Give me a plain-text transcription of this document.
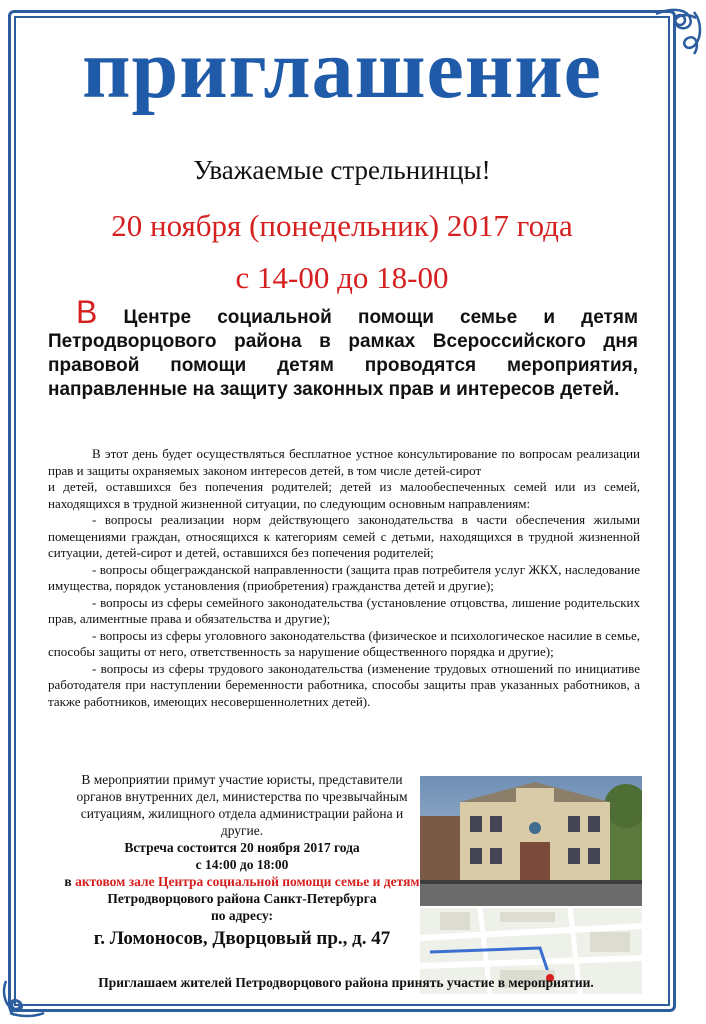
приглашение
Уважаемые стрельнинцы!
20 ноября (понедельник) 2017 года
с 14-00 до 18-00

В Центре социальной помощи семье и детям Петродворцового района в рамках Всероссийского дня правовой помощи детям проводятся мероприятия, направленные на защиту законных прав и интересов детей.

В этот день будет осуществляться бесплатное устное консультирование по вопросам реализации прав и защиты охраняемых законом интересов детей, в том числе детей-сирот

и детей, оставшихся без попечения родителей; детей из малообеспеченных семей или из семей, находящихся в трудной жизненной ситуации, по следующим основным направлениям:

- вопросы реализации норм действующего законодательства в части обеспечения жилыми помещениями граждан, относящихся к категориям семей с детьми, находящихся в трудной жизненной ситуации, детей-сирот и детей, оставшихся без попечения родителей;

- вопросы общегражданской направленности (защита прав потребителя услуг ЖКХ, наследование имущества, порядок установления (приобретения) гражданства детей и другие);

- вопросы из сферы семейного законодательства (установление отцовства, лишение родительских прав, алиментные права и обязательства и другие);

- вопросы из сферы уголовного законодательства (физическое и психологическое насилие в семье, способы защиты от него, ответственность за нарушение общественного порядка и другие);

- вопросы из сферы трудового законодательства (изменение трудовых отношений по инициативе работодателя при наступлении беременности работника, способы защиты прав указанных работников, а также работников, имеющих несовершеннолетних детей).

В мероприятии примут участие юристы, представители органов внутренних дел, министерства по чрезвычайным ситуациям, жилищного отдела администрации района и другие.

Встреча состоится 20 ноября 2017 года

с 14:00 до 18:00

в актовом зале Центра социальной помощи семье и детям

Петродворцового района Санкт-Петербурга

по адресу:

г. Ломоносов, Дворцовый пр., д. 47

Приглашаем жителей Петродворцового района принять участие в мероприятии.
